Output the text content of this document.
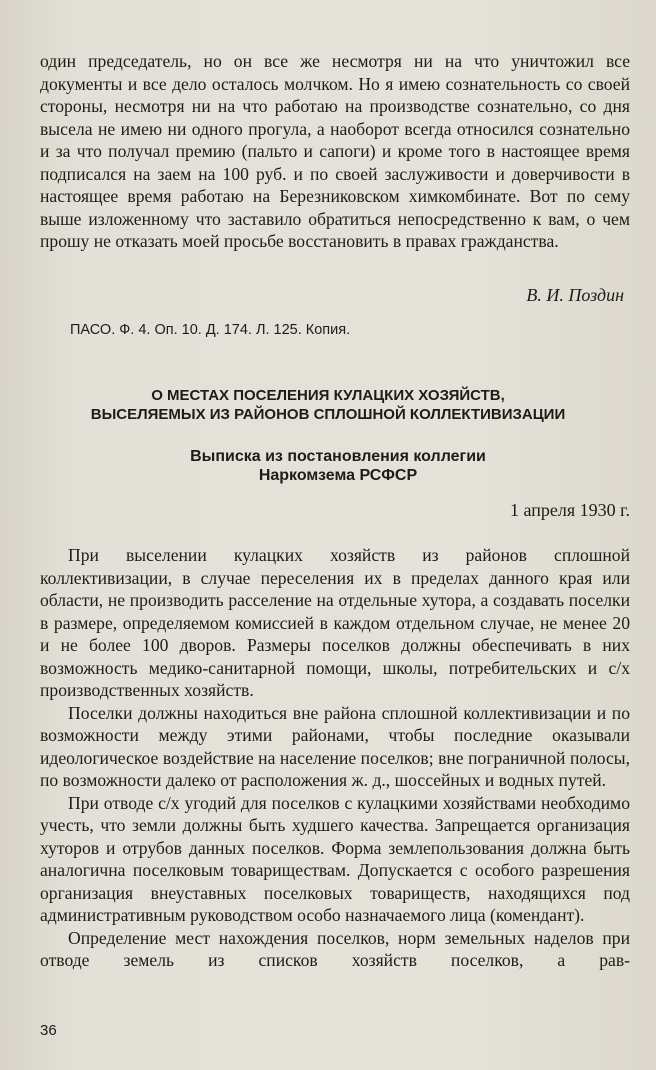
один председатель, но он все же несмотря ни на что уничтожил все документы и все дело осталось молчком. Но я имею сознательность со своей стороны, несмотря ни на что работаю на производстве сознательно, со дня высела не имею ни одного прогула, а наоборот всегда относился сознательно и за что получал премию (пальто и сапоги) и кроме того в настоящее время подписался на заем на 100 руб. и по своей заслуживости и доверчивости в настоящее время работаю на Березниковском химкомбинате. Вот по сему выше изложенному что заставило обратиться непосредственно к вам, о чем прошу не отказать моей просьбе восстановить в правах гражданства.

В. И. Поздин
ПАСО. Ф. 4. Оп. 10. Д. 174. Л. 125. Копия.
О МЕСТАХ ПОСЕЛЕНИЯ КУЛАЦКИХ ХОЗЯЙСТВ,
ВЫСЕЛЯЕМЫХ ИЗ РАЙОНОВ СПЛОШНОЙ КОЛЛЕКТИВИЗАЦИИ
Выписка из постановления коллегии
Наркомзема РСФСР
1 апреля 1930 г.

При выселении кулацких хозяйств из районов сплошной коллективизации, в случае переселения их в пределах данного края или области, не производить расселение на отдельные хутора, а создавать поселки в размере, определяемом комиссией в каждом отдельном случае, не менее 20 и не более 100 дворов. Размеры поселков должны обеспечивать в них возможность медико-санитарной помощи, школы, потребительских и с/х производственных хозяйств.

Поселки должны находиться вне района сплошной коллективизации и по возможности между этими районами, чтобы последние оказывали идеологическое воздействие на население поселков; вне пограничной полосы, по возможности далеко от расположения ж. д., шоссейных и водных путей.

При отводе с/х угодий для поселков с кулацкими хозяйствами необходимо учесть, что земли должны быть худшего качества. Запрещается организация хуторов и отрубов данных поселков. Форма землепользования должна быть аналогична поселковым товариществам. Допускается с особого разрешения организация внеуставных поселковых товариществ, находящихся под административным руководством особо назначаемого лица (комендант).

Определение мест нахождения поселков, норм земельных наделов при отводе земель из списков хозяйств поселков, а рав-

36
